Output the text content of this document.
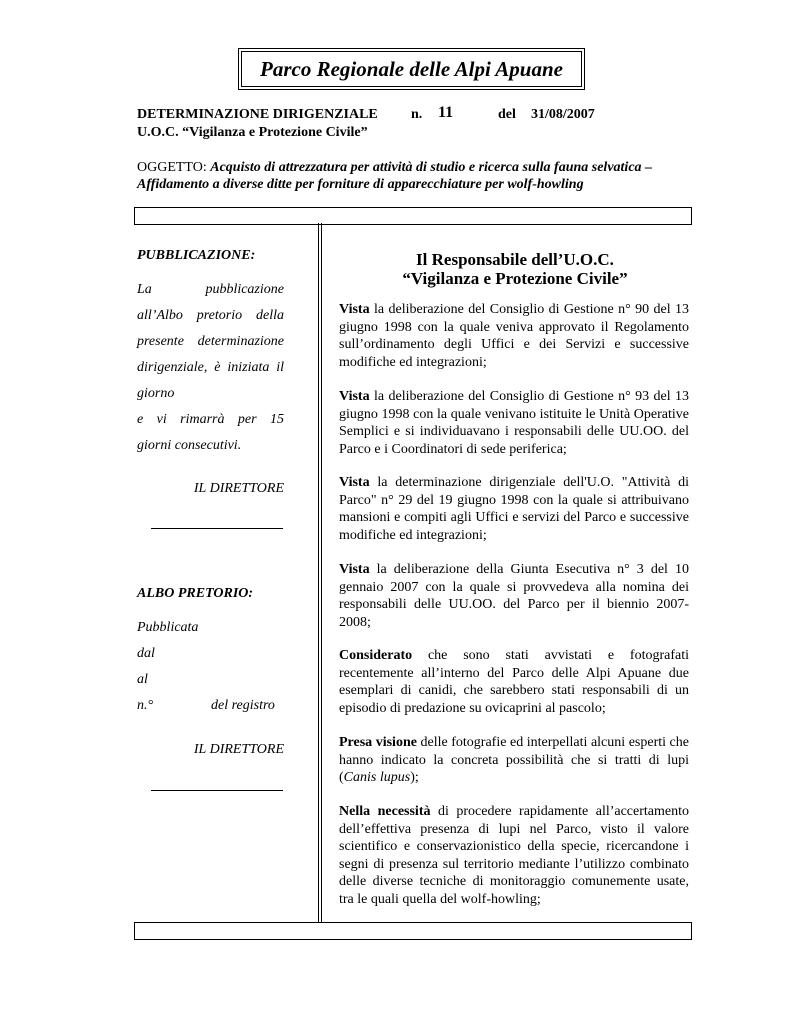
Parco Regionale delle Alpi Apuane
DETERMINAZIONE DIRIGENZIALE n. 11	del 31/08/2007
U.O.C. “Vigilanza e Protezione Civile”
OGGETTO: Acquisto di attrezzatura per attività di studio e ricerca sulla fauna selvatica –
Affidamento a diverse ditte per forniture di apparecchiature per wolf-howling
PUBBLICAZIONE:
La pubblicazione
all’Albo pretorio della
presente determinazione
dirigenziale, è iniziata il
giorno
e vi rimarrà per 15
giorni consecutivi.
IL DIRETTORE
ALBO PRETORIO:
Pubblicata
dal
al
n.°	del registro
IL DIRETTORE
Il Responsabile dell’U.O.C.
“Vigilanza e Protezione Civile”
Vista la deliberazione del Consiglio di Gestione n° 90 del 13 giugno 1998 con la quale veniva approvato il Regolamento sull’ordinamento degli Uffici e dei Servizi e successive modifiche ed integrazioni;
Vista la deliberazione del Consiglio di Gestione n° 93 del 13 giugno 1998 con la quale venivano istituite le Unità Operative Semplici e si individuavano i responsabili delle UU.OO. del Parco e i Coordinatori di sede periferica;
Vista la determinazione dirigenziale dell'U.O. "Attività di Parco" n° 29 del 19 giugno 1998 con la quale si attribuivano mansioni e compiti agli Uffici e servizi del Parco e successive modifiche ed integrazioni;
Vista la deliberazione della Giunta Esecutiva n° 3 del 10 gennaio 2007 con la quale si provvedeva alla nomina dei responsabili delle UU.OO. del Parco per il biennio 2007-2008;
Considerato che sono stati avvistati e fotografati recentemente all’interno del Parco delle Alpi Apuane due esemplari di canidi, che sarebbero stati responsabili di un episodio di predazione su ovicaprini al pascolo;
Presa visione delle fotografie ed interpellati alcuni esperti che hanno indicato la concreta possibilità che si tratti di lupi (Canis lupus);
Nella necessità di procedere rapidamente all’accertamento dell’effettiva presenza di lupi nel Parco, visto il valore scientifico e conservazionistico della specie, ricercandone i segni di presenza sul territorio mediante l’utilizzo combinato delle diverse tecniche di monitoraggio comunemente usate, tra le quali quella del wolf-howling;
